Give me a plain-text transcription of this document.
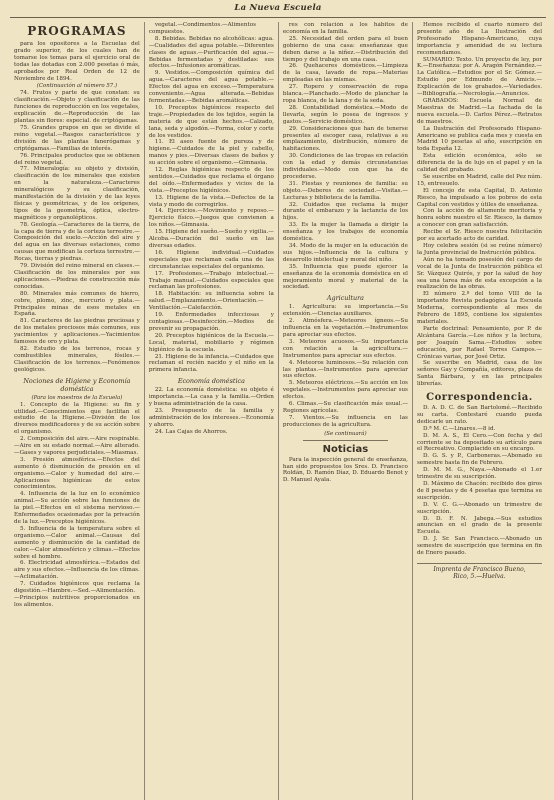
La Nueva Escuela
PROGRAMAS

para los opositores a la Escuelas del grado superior, de los cuales han de tomarse los temas para el ejercicio oral de todas las dotadas con 2.000 pesetas ó más, aprobados por Real Orden de 12 de Noviembre de 1894.

(Continuación al número 57.)

74. Frutos y parte de que constan: su clasificación.—Objeto y clasificación de las funciones de reproducción en los vegetales, explicación de.—Reproducción de las plantas sin flores: especial. de criptógamas.

75. Grandes grupos en que se divide el reino vegetal.—Rasgos característicos y división de las plantas fanerógamas y criptógamas.—Familias de interés.

76. Principales productos que se obtienen del reino vegetal.

77. Mineralogía: su objeto y división, clasificación de los minerales que existen en la naturaleza.—Caracteres mineralógicos y su clasificación, manifestación de la división y de las leyes físicas y geométricas, y de los orígenes, tipos de la geometría, óptica, electro-magnéticos y organolépticos.

78. Geología.—Caracteres de la tierra, de la capa de tierra y de la corteza terrestre.—Composición del suelo.—Acción del aire y del agua en las diversas estaciones, como causas que modifican la corteza terrestre.—Rocas, tierras y piedras.

79. División del reino mineral en clases.—Clasificación de los minerales por sus aplicaciones.—Piedras de construcción más conocidas.

80. Minerales más comunes de hierro, cobre, plomo, zinc, mercurio y plata.—Principales minas de esos metales en España.

81. Caracteres de las piedras preciosas y de los metales preciosos más comunes, sus yacimientos y aplicaciones.—Yacimientos famosos de oro y plata.

82. Estudio de los terrenos, rocas y combustibles minerales, fósiles.—Clasificación de los terrenos.—Fenómenos geológicos.

Nociones de Higiene y Economía doméstica
(Para los maestros de la Escuela)

1. Concepto de la Higiene: su fin y utilidad.—Conocimientos que facilitan el estudio de la Higiene.—División de los diversos modificadores y de su acción sobre el organismo.

2. Composición del aire.—Aire respirable.—Aire en su estado normal.—Aire alterado.—Gases y vapores perjudiciales.—Miasmas.

3. Presión atmosférica.—Efectos del aumento ó disminución de presión en el organismo.—Calor y humedad del aire.—Aplicaciones higiénicas de estos conocimientos.

4. Influencia de la luz en lo económico animal.—Su acción sobre las funciones de la piel.—Efectos en el sistema nervioso.—Enfermedades ocasionadas por la privación de la luz.—Preceptos higiénicos.

5. Influencia de la temperatura sobre el organismo.—Calor animal.—Causas del aumento y disminución de la cantidad de calor.—Calor atmosférico y climas.—Efectos sobre el hombre.

6. Electricidad atmosférica.—Estados del aire y sus efectos.—Influencia de los climas.—Aclimatación.

7. Cuidados higiénicos que reclama la digestión.—Hambre.—Sed.—Alimentación.—Principios nutritivos proporcionados en los alimentos.

vegetal.—Condimentos.—Alimentos compuestos.

8. Bebidas. Bebidas no alcohólicas: agua.—Cualidades del agua potable.—Diferentes clases de aguas.—Purificación del agua.—Bebidas fermentadas y destiladas: sus efectos.—Infusiones aromáticas.

9. Vestidos.—Composición química del agua.—Caracteres del agua potable.—Efectos del agua en exceso.—Temperatura conveniente.—Agua alterada.—Bebidas fermentadas.—Bebidas aromáticas.

10. Preceptos higiénicos respecto del traje.—Propiedades de los tejidos, según la materia de que están hechos.—Calzado, lana, seda y algodón.—Forma, color y corte de los vestidos.

11. El aseo fuente de pureza y de higiene.—Cuidados de la piel y cabello, manos y pies.—Diversas clases de baños y su acción sobre el organismo.—Gimnasia.

12. Reglas higiénicas respecto de los sentidos.—Cuidados que reclama el órgano del oído.—Enfermedades y vicios de la vista.—Preceptos higiénicos.

13. Higiene de la vista.—Defectos de la vista y modo de corregirlos.

14. Ejercicios.—Movimiento y reposo.—Ejercicio físico.—Juegos que convienen a los niños.—Gimnasia.

15. Higiene del sueño.—Sueño y vigilia.—Alcoba.—Duración del sueño en las diversas edades.

16. Higiene individual.—Cuidados especiales que reclaman cada una de las circunstancias especiales del organismo.

17. Profesiones.—Trabajo intelectual.—Trabajo manual.—Cuidados especiales que reclaman las profesiones.

18. Habitación: su influencia sobre la salud.—Emplazamiento.—Orientación.—Ventilación.—Calefacción.

19. Enfermedades infecciosas y contagiosas.—Desinfección.—Medios de prevenir su propagación.

20. Preceptos higiénicos de la Escuela.—Local, material, mobiliario y régimen higiénico de la escuela.

21. Higiene de la infancia.—Cuidados que reclaman el recién nacido y el niño en la primera infancia.

Economía doméstica

22. La economía doméstica: su objeto é importancia.—La casa y la familia.—Orden y buena administración de la casa.

23. Presupuesto de la familia y administración de los intereses.—Economía y ahorro.

24. Las Cajas de Ahorros.

res con relación a los hábitos de economía en la familia.

25. Necesidad del orden para el buen gobierno de una casa: enseñanzas que deben darse a la niñez.—Distribución del tiempo y del trabajo en una casa.

26. Quehaceres domésticos.—Limpieza de la casa, lavado de ropa.—Materias empleadas en las mismas.

27. Ropero y conservación de ropa blanca.—Planchado.—Modo de planchar la ropa blanca, de la lana y de la seda.

28. Contabilidad doméstica.—Modo de llevarla, según lo posea de ingresos y gastos.—Servicio doméstico.

29. Consideraciones que han de tenerse presentes al escoger casa, relativas a su emplazamiento, distribución, número de habitaciones.

30. Condiciones de las tropas en relación con la edad y demás circunstancias individuales.—Modo con que ha de procederse.

31. Fiestas y reuniones de familia: su objeto.—Deberes de sociedad.—Visitas.—Lecturas y biblioteca de la familia.

32. Cuidados que reclama la mujer durante el embarazo y la lactancia de los hijos.

33. Es la mujer la llamada a dirigir la enseñanza y los trabajos de economía doméstica.

34. Modo de la mujer en la educación de sus hijos.—Influencia de la cultura y desarrollo intelectual y moral del niño.

35. Influencia que puede ejercer la enseñanza de la economía doméstica en el mejoramiento moral y material de la sociedad.

Agricultura

1. Agricultura: su importancia.—Su extensión.—Ciencias auxiliares.

2. Atmósfera.—Meteoros ígneos.—Su influencia en la vegetación.—Instrumentos para apreciar sus efectos.

3. Meteoros acuosos.—Su importancia con relación a la agricultura.—Instrumentos para apreciar sus efectos.

4. Meteoros luminosos.—Su relación con las plantas.—Instrumentos para apreciar sus efectos.

5. Meteoros eléctricos.—Su acción en los vegetales.—Instrumentos para apreciar sus efectos.

6. Climas.—Su clasificación más usual.—Regiones agrícolas.

7. Vientos.—Su influencia en las producciones de la agricultura.

(Se continuará)
Noticias

Para la inspección general de enseñanza, han sido propuestos los Sres. D. Francisco Roldán, D. Ramón Díaz, D. Eduardo Benot y D. Manuel Ayala.

Hemos recibido el cuarto número del presente año de La Ilustración del Profesorado Hispano-Americano, cuya importancia y amenidad de su lectura recomendamos.

SUMARIO: Texto. Un proyecto de ley, por K.—Enseñanza: por A. Aragón Fernández.—La Católica.—Estudios por el Sr. Gómez.—Estudio por Edmundo de Amicis.—Explicación de los grabados.—Variedades.—Bibliografía.—Necrología.—Anuncios.

GRABADOS: Escuela Normal de Maestras de Madrid.—La fachada de la nueva escuela.—D. Carlos Pérez.—Retratos de maestros.

La Ilustración del Profesorado Hispano-Americano se publica cada mes y cuesta en Madrid 10 pesetas al año, suscripción en toda España 12.

Esta edición económica, sólo se diferencia de la de lujo en el papel y en la calidad del grabado.

Se suscribe en Madrid, calle del Pez núm. 15, entresuelo.

El concejo de esta Capital, D. Antonio Riesco, ha impulsado a los pobres de esta Capital con vestidos y útiles de enseñanza.

Con la acción de altamente meritoria y honra sobre nuestro el Sr. Riesco, la damos a conocer con gran satisfacción.

Recibe el Sr. Riesco nuestra felicitación por su acertado acto de caridad.

Hoy celebra sesión (si se reúne número) la Junta provincial de Instrucción pública.

Aún no ha tomado posesión del cargo de vocal de la Junta de Instrucción pública el Sr. Vázquez Quirós, y por la salud de hoy sea una tarea más de esta excepción a la realización de las obras.

El número 2.º del tomo VIII de la importante Revista pedagógica La Escuela Moderna, correspondiente al mes de Febrero de 1895, contiene los siguientes materiales.

Parte doctrinal: Pensamiento, por P. de Alcántara García.—Los niños y la lectura, por Joaquín Sama.—Estudios sobre educación, por Rafael Torres Campos.—Crónicas varias, por José Ortiz.

Se suscribe en Madrid, casa de los señores Gay y Compañía, editores, plaza de Santa Bárbara, y en las principales librerías.

Correspondencia.

D. A. D. C. de San Bartolomé.—Recibido su carta. Contestaré cuando pueda dedicarle un rato.

D.ª M. C.—Linares.—8 id.

D. M. A. S., El Cero.—Con fecha y del corriente se ha depositado su artículo para el Recreativo. Complacido en su encargo.

D. G. S. y P., Carboneras.—Abonado su semestre hasta fin de Febrero.

D. M. M. G., Naya.—Abonado el 1.er trimestre de su suscripción.

D. Máximo de Chacón: recibido dos giros de 8 pesetas y de 4 pesetas que termina su suscripción.

D. V. C. G.—Abonado un trimestre de suscripción.

D. D. F. N. Jabega.—Sus estudios anuncian en el grado de la presente Escuela.

D. J. Sr. San Francisco.—Abonado un semestre de suscripción que termina en fin de Enero pasado.

Imprenta de Francisco Bueno,
Rico, 5.—Huelva.
